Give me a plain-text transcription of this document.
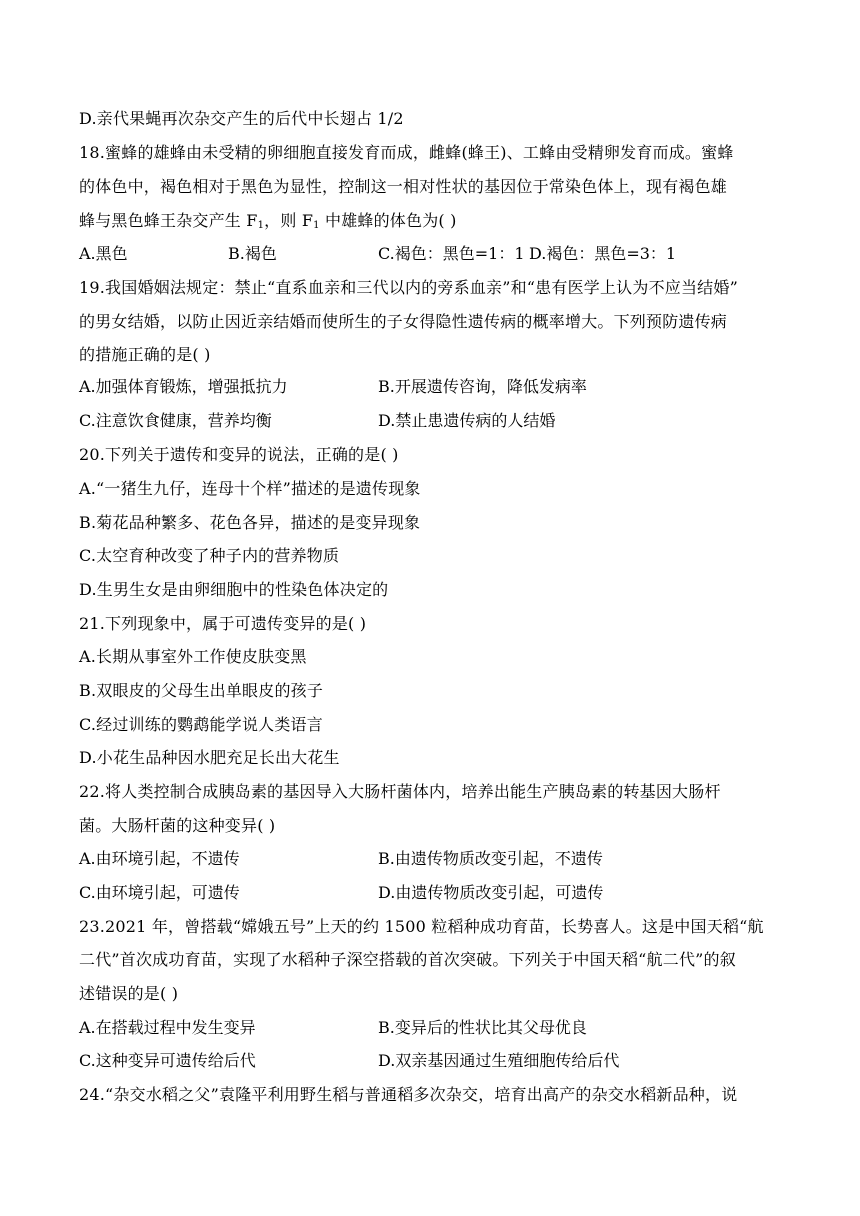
D.亲代果蝇再次杂交产生的后代中长翅占 1/2
18.蜜蜂的雄蜂由未受精的卵细胞直接发育而成，雌蜂(蜂王)、工蜂由受精卵发育而成。蜜蜂
的体色中，褐色相对于黑色为显性，控制这一相对性状的基因位于常染色体上，现有褐色雄
蜂与黑色蜂王杂交产生 $F_1$，则 $F_1$ 中雄蜂的体色为( )
A.黑色	B.褐色	C.褐色：黑色=1：1 D.褐色：黑色=3：1
19.我国婚姻法规定：禁止“直系血亲和三代以内的旁系血亲”和“患有医学上认为不应当结婚”
的男女结婚，以防止因近亲结婚而使所生的子女得隐性遗传病的概率增大。下列预防遗传病
的措施正确的是( )
A.加强体育锻炼，增强抵抗力	B.开展遗传咨询，降低发病率
C.注意饮食健康，营养均衡	D.禁止患遗传病的人结婚
20.下列关于遗传和变异的说法，正确的是( )
A.“一猪生九仔，连母十个样”描述的是遗传现象
B.菊花品种繁多、花色各异，描述的是变异现象
C.太空育种改变了种子内的营养物质
D.生男生女是由卵细胞中的性染色体决定的
21.下列现象中，属于可遗传变异的是( )
A.长期从事室外工作使皮肤变黑
B.双眼皮的父母生出单眼皮的孩子
C.经过训练的鹦鹉能学说人类语言
D.小花生品种因水肥充足长出大花生
22.将人类控制合成胰岛素的基因导入大肠杆菌体内，培养出能生产胰岛素的转基因大肠杆
菌。大肠杆菌的这种变异( )
A.由环境引起，不遗传	B.由遗传物质改变引起，不遗传
C.由环境引起，可遗传	D.由遗传物质改变引起，可遗传
23.2021 年，曾搭载“嫦娥五号”上天的约 1500 粒稻种成功育苗，长势喜人。这是中国天稻“航
二代”首次成功育苗，实现了水稻种子深空搭载的首次突破。下列关于中国天稻“航二代”的叙
述错误的是( )
A.在搭载过程中发生变异	B.变异后的性状比其父母优良
C.这种变异可遗传给后代	D.双亲基因通过生殖细胞传给后代
24.“杂交水稻之父”袁隆平利用野生稻与普通稻多次杂交，培育出高产的杂交水稻新品种，说
